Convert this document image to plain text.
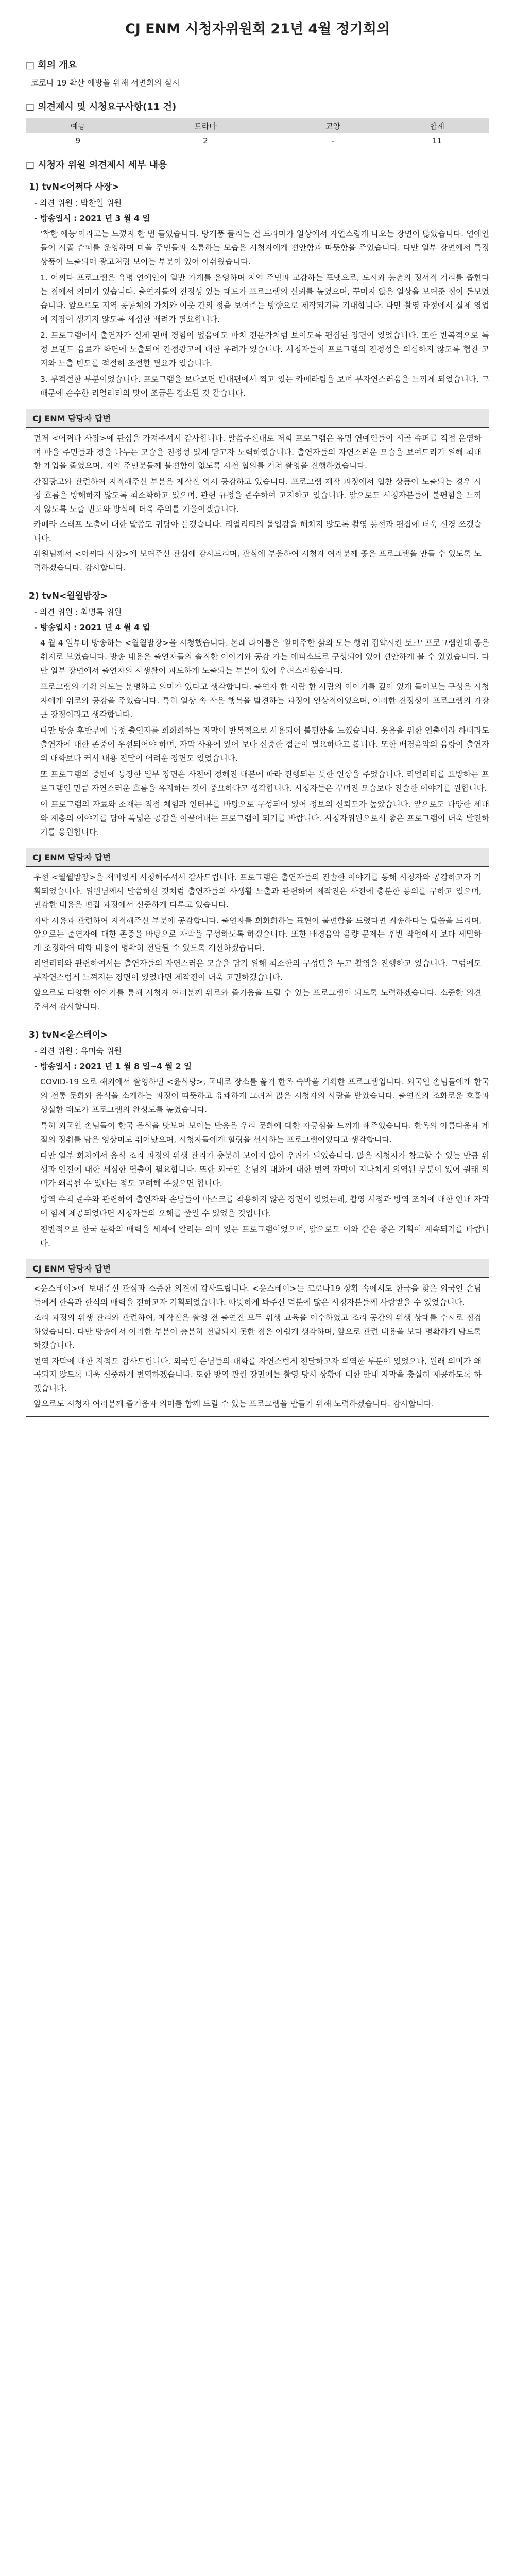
CJ ENM 시청자위원회 21년 4월 정기회의
□ 회의 개요
코로나 19 확산 예방을 위해 서면회의 실시
□ 의견제시 및 시청요구사항(11 건)
예능	드라마	교양	합계
9	2	-	11
□ 시청자 위원 의견제시 세부 내용
1) tvN<어쩌다 사장>
- 의견 위원 : 박찬일 위원
- 방송일시 : 2021 년 3 월 4 일
'착한 예능'이라고는 느꼈지 한 번 들었습니다. 방개품 풀리는 건 드라마가 일상에서 자연스럽게 나오는 장면이 많았습니다. 연예인들이 시골 슈퍼를 운영하며 마을 주민들과 소통하는 모습은 시청자에게 편안함과 따뜻함을 주었습니다. 다만 일부 장면에서 특정 상품이 노출되어 광고처럼 보이는 부분이 있어 아쉬웠습니다.
1. 어쩌다 프로그램은 유명 연예인이 일반 가게를 운영하며 지역 주민과 교감하는 포맷으로, 도시와 농촌의 정서적 거리를 좁힌다는 점에서 의미가 있습니다. 출연자들의 진정성 있는 태도가 프로그램의 신뢰를 높였으며, 꾸미지 않은 일상을 보여준 점이 돋보였습니다. 앞으로도 지역 공동체의 가치와 이웃 간의 정을 보여주는 방향으로 제작되기를 기대합니다. 다만 촬영 과정에서 실제 영업에 지장이 생기지 않도록 세심한 배려가 필요합니다.
2. 프로그램에서 출연자가 실제 판매 경험이 없음에도 마치 전문가처럼 보이도록 편집된 장면이 있었습니다. 또한 반복적으로 특정 브랜드 음료가 화면에 노출되어 간접광고에 대한 우려가 있습니다. 시청자들이 프로그램의 진정성을 의심하지 않도록 협찬 고지와 노출 빈도를 적절히 조절할 필요가 있습니다.
3. 부적절한 부분이었습니다. 프로그램을 보다보면 반대편에서 찍고 있는 카메라팀을 보며 부자연스러움을 느끼게 되었습니다. 그 때문에 순수한 리얼리티의 맛이 조금은 감소된 것 같습니다.
CJ ENM 담당자 답변
먼저 <어쩌다 사장>에 관심을 가져주셔서 감사합니다. 말씀주신대로 저희 프로그램은 유명 연예인들이 시골 슈퍼를 직접 운영하며 마을 주민들과 정을 나누는 모습을 진정성 있게 담고자 노력하였습니다. 출연자들의 자연스러운 모습을 보여드리기 위해 최대한 개입을 줄였으며, 지역 주민분들께 불편함이 없도록 사전 협의를 거쳐 촬영을 진행하였습니다.
간접광고와 관련하여 지적해주신 부분은 제작진 역시 공감하고 있습니다. 프로그램 제작 과정에서 협찬 상품이 노출되는 경우 시청 흐름을 방해하지 않도록 최소화하고 있으며, 관련 규정을 준수하여 고지하고 있습니다. 앞으로도 시청자분들이 불편함을 느끼지 않도록 노출 빈도와 방식에 더욱 주의를 기울이겠습니다.
카메라 스태프 노출에 대한 말씀도 귀담아 듣겠습니다. 리얼리티의 몰입감을 해치지 않도록 촬영 동선과 편집에 더욱 신경 쓰겠습니다.
위원님께서 <어쩌다 사장>에 보여주신 관심에 감사드리며, 관심에 부응하여 시청자 여러분께 좋은 프로그램을 만들 수 있도록 노력하겠습니다. 감사합니다.
2) tvN<월월밤장>
- 의견 위원 : 최명록 위원
- 방송일시 : 2021 년 4 월 4 일
4 월 4 일부터 방송하는 <월월밤장>을 시청했습니다. 본래 라이툴은 '앞마주한 삶의 모는 행위 집약시킨 토크' 프로그램인데 좋은 취지로 보였습니다. 방송 내용은 출연자들의 솔직한 이야기와 공감 가는 에피소드로 구성되어 있어 편안하게 볼 수 있었습니다. 다만 일부 장면에서 출연자의 사생활이 과도하게 노출되는 부분이 있어 우려스러웠습니다.
프로그램의 기획 의도는 분명하고 의미가 있다고 생각합니다. 출연자 한 사람 한 사람의 이야기를 깊이 있게 들어보는 구성은 시청자에게 위로와 공감을 주었습니다. 특히 일상 속 작은 행복을 발견하는 과정이 인상적이었으며, 이러한 진정성이 프로그램의 가장 큰 장점이라고 생각합니다.
다만 방송 후반부에 특정 출연자를 희화화하는 자막이 반복적으로 사용되어 불편함을 느꼈습니다. 웃음을 위한 연출이라 하더라도 출연자에 대한 존중이 우선되어야 하며, 자막 사용에 있어 보다 신중한 접근이 필요하다고 봅니다. 또한 배경음악의 음량이 출연자의 대화보다 커서 내용 전달이 어려운 장면도 있었습니다.
또 프로그램의 중반에 등장한 일부 장면은 사전에 정해진 대본에 따라 진행되는 듯한 인상을 주었습니다. 리얼리티를 표방하는 프로그램인 만큼 자연스러운 흐름을 유지하는 것이 중요하다고 생각합니다. 시청자들은 꾸며진 모습보다 진솔한 이야기를 원합니다.
이 프로그램의 자료와 소재는 직접 체험과 인터뷰를 바탕으로 구성되어 있어 정보의 신뢰도가 높았습니다. 앞으로도 다양한 세대와 계층의 이야기를 담아 폭넓은 공감을 이끌어내는 프로그램이 되기를 바랍니다. 시청자위원으로서 좋은 프로그램이 더욱 발전하기를 응원합니다.
CJ ENM 담당자 답변
우선 <월월밤장>을 재미있게 시청해주셔서 감사드립니다. 프로그램은 출연자들의 진솔한 이야기를 통해 시청자와 공감하고자 기획되었습니다. 위원님께서 말씀하신 것처럼 출연자들의 사생활 노출과 관련하여 제작진은 사전에 충분한 동의를 구하고 있으며, 민감한 내용은 편집 과정에서 신중하게 다루고 있습니다.
자막 사용과 관련하여 지적해주신 부분에 공감합니다. 출연자를 희화화하는 표현이 불편함을 드렸다면 죄송하다는 말씀을 드리며, 앞으로는 출연자에 대한 존중을 바탕으로 자막을 구성하도록 하겠습니다. 또한 배경음악 음량 문제는 후반 작업에서 보다 세밀하게 조정하여 대화 내용이 명확히 전달될 수 있도록 개선하겠습니다.
리얼리티와 관련하여서는 출연자들의 자연스러운 모습을 담기 위해 최소한의 구성만을 두고 촬영을 진행하고 있습니다. 그럼에도 부자연스럽게 느껴지는 장면이 있었다면 제작진이 더욱 고민하겠습니다.
앞으로도 다양한 이야기를 통해 시청자 여러분께 위로와 즐거움을 드릴 수 있는 프로그램이 되도록 노력하겠습니다. 소중한 의견 주셔서 감사합니다.
3) tvN<윤스테이>
- 의견 위원 : 유미숙 위원
- 방송일시 : 2021 년 1 월 8 일~4 월 2 일
COVID-19 으로 해외에서 촬영하던 <윤식당>, 국내로 장소를 옮겨 한옥 숙박을 기획한 프로그램입니다. 외국인 손님들에게 한국의 전통 문화와 음식을 소개하는 과정이 따뜻하고 유쾌하게 그려져 많은 시청자의 사랑을 받았습니다. 출연진의 조화로운 호흡과 성실한 태도가 프로그램의 완성도를 높였습니다.
특히 외국인 손님들이 한국 음식을 맛보며 보이는 반응은 우리 문화에 대한 자긍심을 느끼게 해주었습니다. 한옥의 아름다움과 계절의 정취를 담은 영상미도 뛰어났으며, 시청자들에게 힐링을 선사하는 프로그램이었다고 생각합니다.
다만 일부 회차에서 음식 조리 과정의 위생 관리가 충분히 보이지 않아 우려가 되었습니다. 많은 시청자가 참고할 수 있는 만큼 위생과 안전에 대한 세심한 연출이 필요합니다. 또한 외국인 손님의 대화에 대한 번역 자막이 지나치게 의역된 부분이 있어 원래 의미가 왜곡될 수 있다는 점도 고려해 주셨으면 합니다.
방역 수칙 준수와 관련하여 출연자와 손님들이 마스크를 착용하지 않은 장면이 있었는데, 촬영 시점과 방역 조치에 대한 안내 자막이 함께 제공되었다면 시청자들의 오해를 줄일 수 있었을 것입니다.
전반적으로 한국 문화의 매력을 세계에 알리는 의미 있는 프로그램이었으며, 앞으로도 이와 같은 좋은 기획이 계속되기를 바랍니다.
CJ ENM 담당자 답변
<윤스테이>에 보내주신 관심과 소중한 의견에 감사드립니다. <윤스테이>는 코로나19 상황 속에서도 한국을 찾은 외국인 손님들에게 한옥과 한식의 매력을 전하고자 기획되었습니다. 따뜻하게 봐주신 덕분에 많은 시청자분들께 사랑받을 수 있었습니다.
조리 과정의 위생 관리와 관련하여, 제작진은 촬영 전 출연진 모두 위생 교육을 이수하였고 조리 공간의 위생 상태를 수시로 점검하였습니다. 다만 방송에서 이러한 부분이 충분히 전달되지 못한 점은 아쉽게 생각하며, 앞으로 관련 내용을 보다 명확하게 담도록 하겠습니다.
번역 자막에 대한 지적도 감사드립니다. 외국인 손님들의 대화를 자연스럽게 전달하고자 의역한 부분이 있었으나, 원래 의미가 왜곡되지 않도록 더욱 신중하게 번역하겠습니다. 또한 방역 관련 장면에는 촬영 당시 상황에 대한 안내 자막을 충실히 제공하도록 하겠습니다.
앞으로도 시청자 여러분께 즐거움과 의미를 함께 드릴 수 있는 프로그램을 만들기 위해 노력하겠습니다. 감사합니다.
